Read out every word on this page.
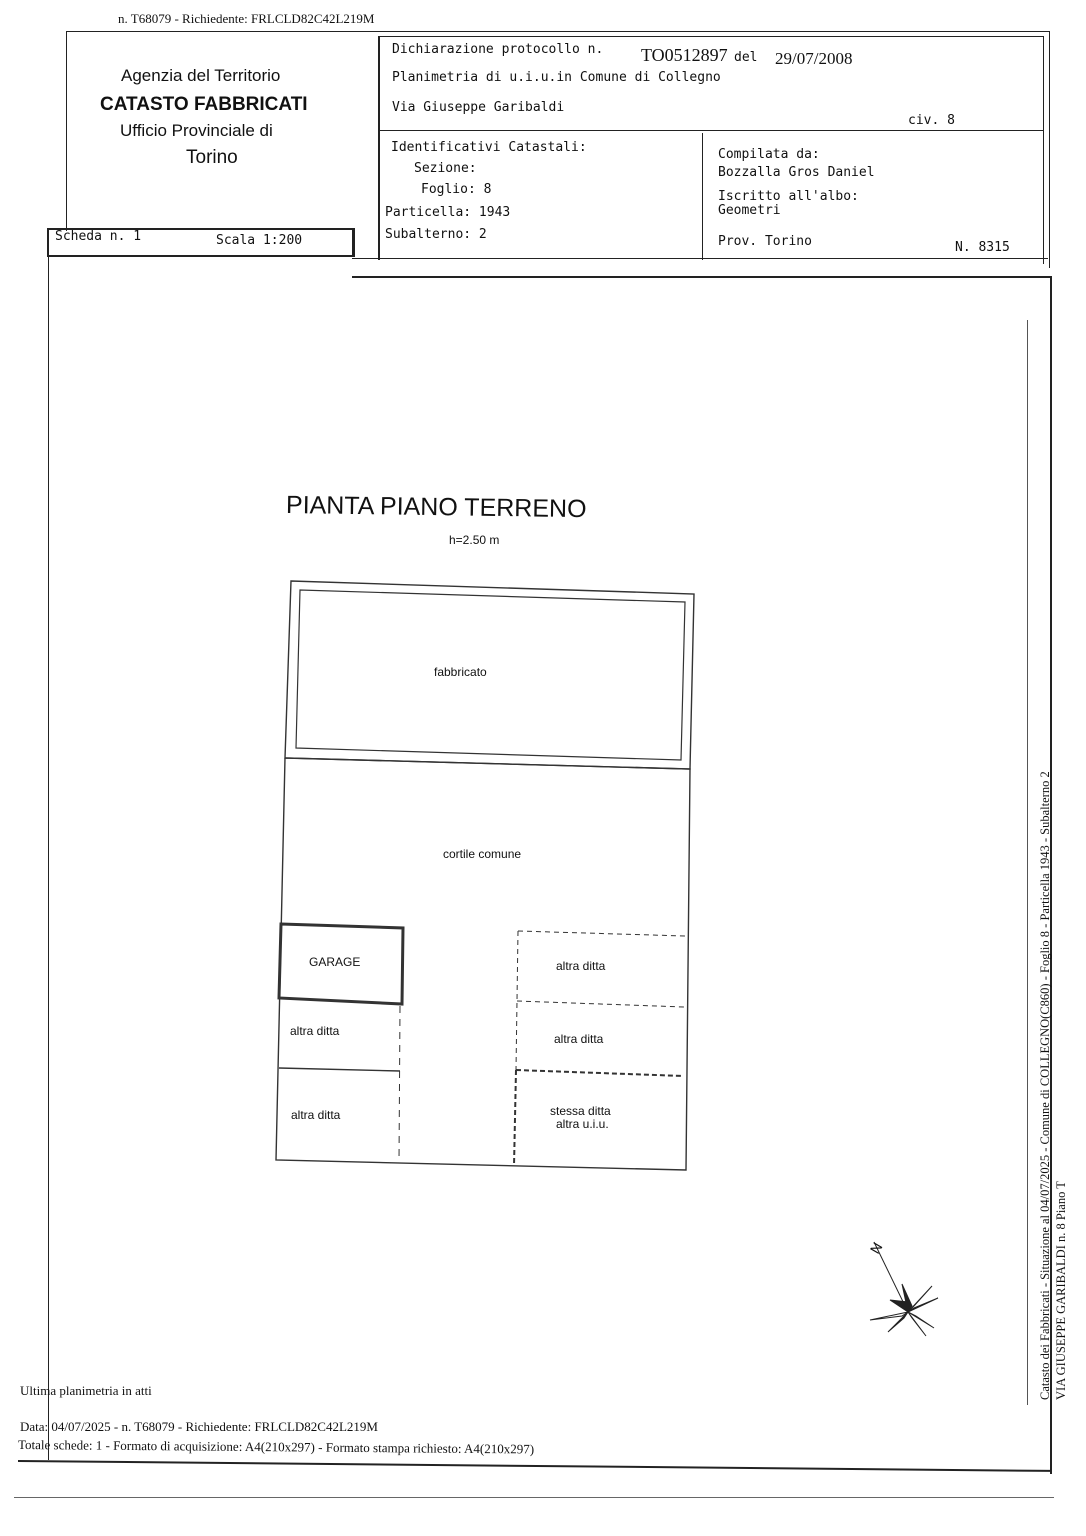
n. T68079 - Richiedente: FRLCLD82C42L219M
Agenzia del Territorio
CATASTO FABBRICATI
Ufficio Provinciale di
Torino
Dichiarazione protocollo n. TO0512897 del 29/07/2008
Planimetria di u.i.u.in Comune di Collegno
Via Giuseppe Garibaldi
civ. 8
Identificativi Catastali:
Sezione:
Foglio: 8
Particella: 1943
Subalterno: 2
Compilata da:
Bozzalla Gros Daniel
Iscritto all'albo:
Geometri
Prov. Torino	N. 8315
Scheda n. 1	Scala 1:200
PIANTA PIANO TERRENO
h=2.50 m
fabbricato
cortile comune
GARAGE	altra ditta
altra ditta
altra ditta
altra ditta	stessa ditta
altra u.i.u.
N	Catasto dei Fabbricati - Situazione al 04/07/2025 - Comune di COLLEGNO(C860) - Foglio 8 - Particella 1943 - Subalterno 2 VIA GIUSEPPE GARIBALDI n. 8 Piano T
Ultima planimetria in atti
Data: 04/07/2025 - n. T68079 - Richiedente: FRLCLD82C42L219M
Totale schede: 1 - Formato di acquisizione: A4(210x297) - Formato stampa richiesto: A4(210x297)
